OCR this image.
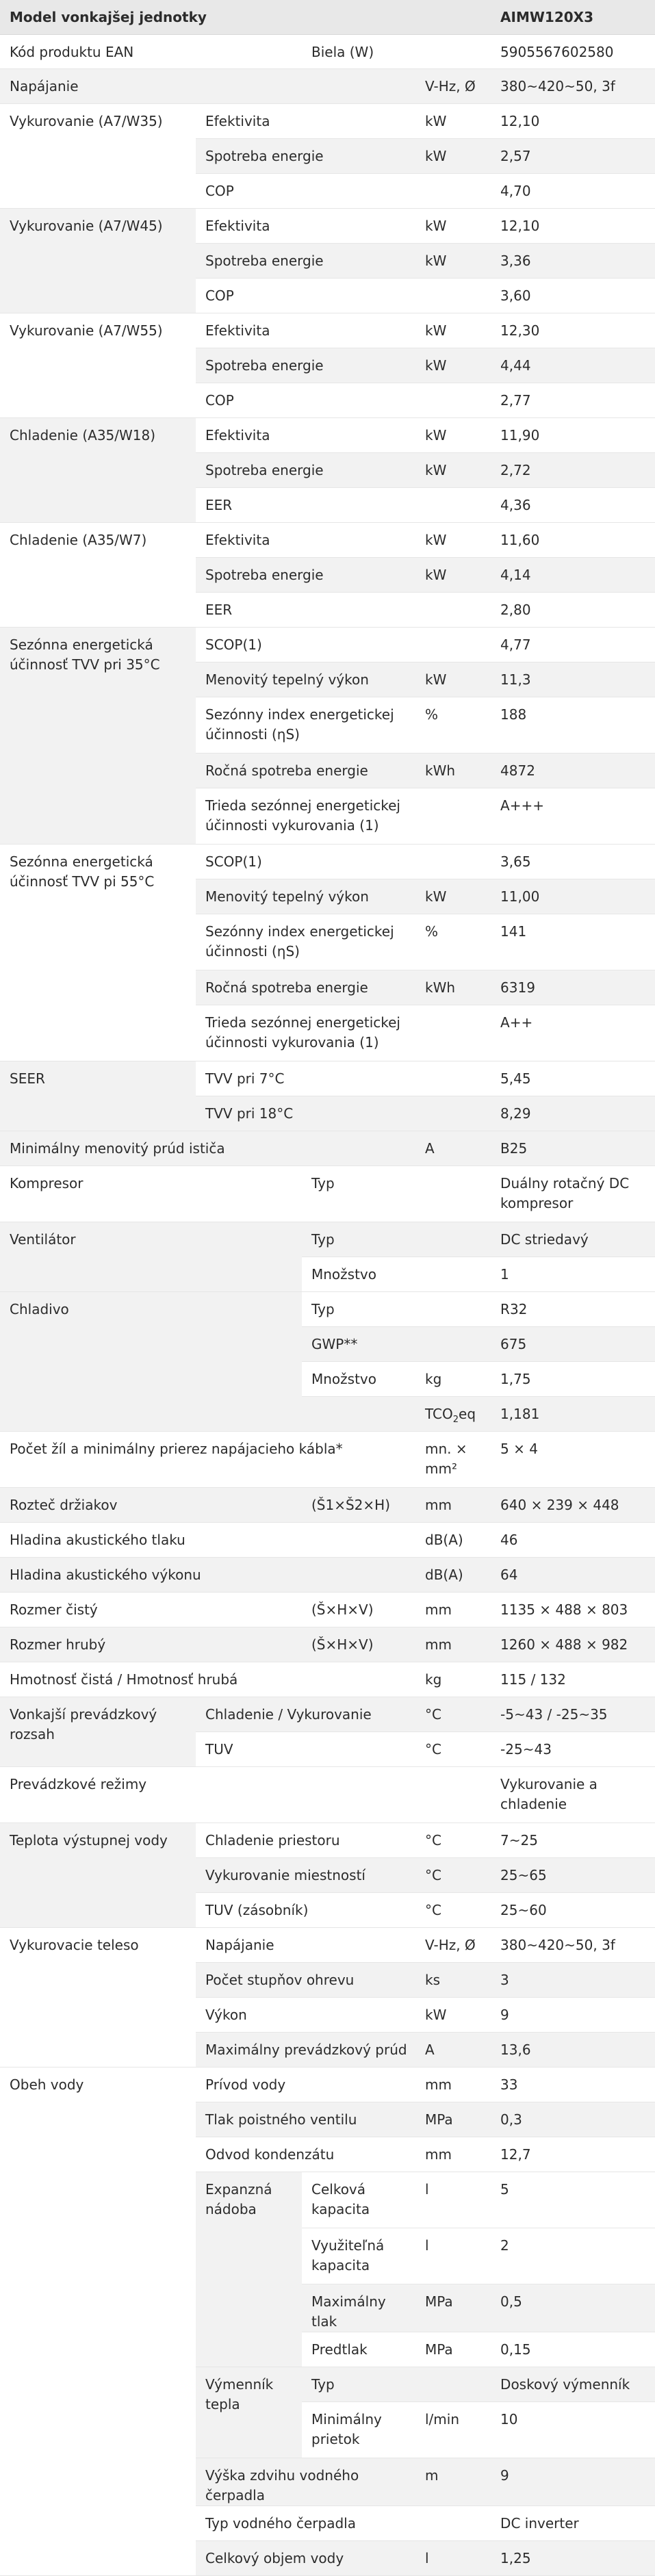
Model vonkajšej jednotky				AIMW120X3

Kód produktu EAN		Biela (W)		5905567602580

Napájanie			V-Hz, Ø	380~420~50, 3f

Vykurovanie (A7/W35)	Efektivita		kW	12,10

	Spotreba energie		kW	2,57

	COP			4,70

Vykurovanie (A7/W45)	Efektivita		kW	12,10

	Spotreba energie		kW	3,36

	COP			3,60

Vykurovanie (A7/W55)	Efektivita		kW	12,30

	Spotreba energie		kW	4,44

	COP			2,77

Chladenie (A35/W18)	Efektivita		kW	11,90

	Spotreba energie		kW	2,72

	EER			4,36

Chladenie (A35/W7)	Efektivita		kW	11,60

	Spotreba energie		kW	4,14

	EER			2,80

Sezónna energetická účinnosť TVV pri 35°C	SCOP(1)			4,77

	Menovitý tepelný výkon		kW	11,3

	Sezónny index energetickej účinnosti (ηS)		%	188

	Ročná spotreba energie		kWh	4872

	Trieda sezónnej energetickej účinnosti vykurovania (1)			A+++

Sezónna energetická účinnosť TVV pi 55°C	SCOP(1)			3,65

	Menovitý tepelný výkon		kW	11,00

	Sezónny index energetickej účinnosti (ηS)		%	141

	Ročná spotreba energie		kWh	6319

	Trieda sezónnej energetickej účinnosti vykurovania (1)			A++

SEER	TVV pri 7°C			5,45

	TVV pri 18°C			8,29

Minimálny menovitý prúd ističa			A	B25

Kompresor		Typ		Duálny rotačný DC kompresor

Ventilátor		Typ		DC striedavý

		Množstvo		1

Chladivo		Typ		R32

		GWP**		675

		Množstvo	kg	1,75

			$TCO_2eq$	1,181

Počet žíl a minimálny prierez napájacieho kábla*			mn. × mm²	5 × 4

Rozteč držiakov		(Š1×Š2×H)	mm	640 × 239 × 448

Hladina akustického tlaku			dB(A)	46

Hladina akustického výkonu			dB(A)	64

Rozmer čistý		(Š×H×V)	mm	1135 × 488 × 803

Rozmer hrubý		(Š×H×V)	mm	1260 × 488 × 982

Hmotnosť čistá / Hmotnosť hrubá			kg	115 / 132

Vonkajší prevádzkový rozsah	Chladenie / Vykurovanie		°C	-5~43 / -25~35

	TUV		°C	-25~43

Prevádzkové režimy				Vykurovanie a chladenie

Teplota výstupnej vody	Chladenie priestoru		°C	7~25

	Vykurovanie miestností		°C	25~65

	TUV (zásobník)		°C	25~60

Vykurovacie teleso	Napájanie		V-Hz, Ø	380~420~50, 3f

	Počet stupňov ohrevu		ks	3

	Výkon		kW	9

	Maximálny prevádzkový prúd		A	13,6

Obeh vody	Prívod vody		mm	33

	Tlak poistného ventilu		MPa	0,3

	Odvod kondenzátu		mm	12,7

	Expanzná nádoba	Celková kapacita	l	5

		Využiteľná kapacita	l	2

		Maximálny tlak	MPa	0,5

		Predtlak	MPa	0,15

	Výmenník tepla	Typ		Doskový výmenník

		Minimálny prietok	l/min	10

	Výška zdvihu vodného čerpadla		m	9

	Typ vodného čerpadla			DC inverter

	Celkový objem vody		l	1,25
